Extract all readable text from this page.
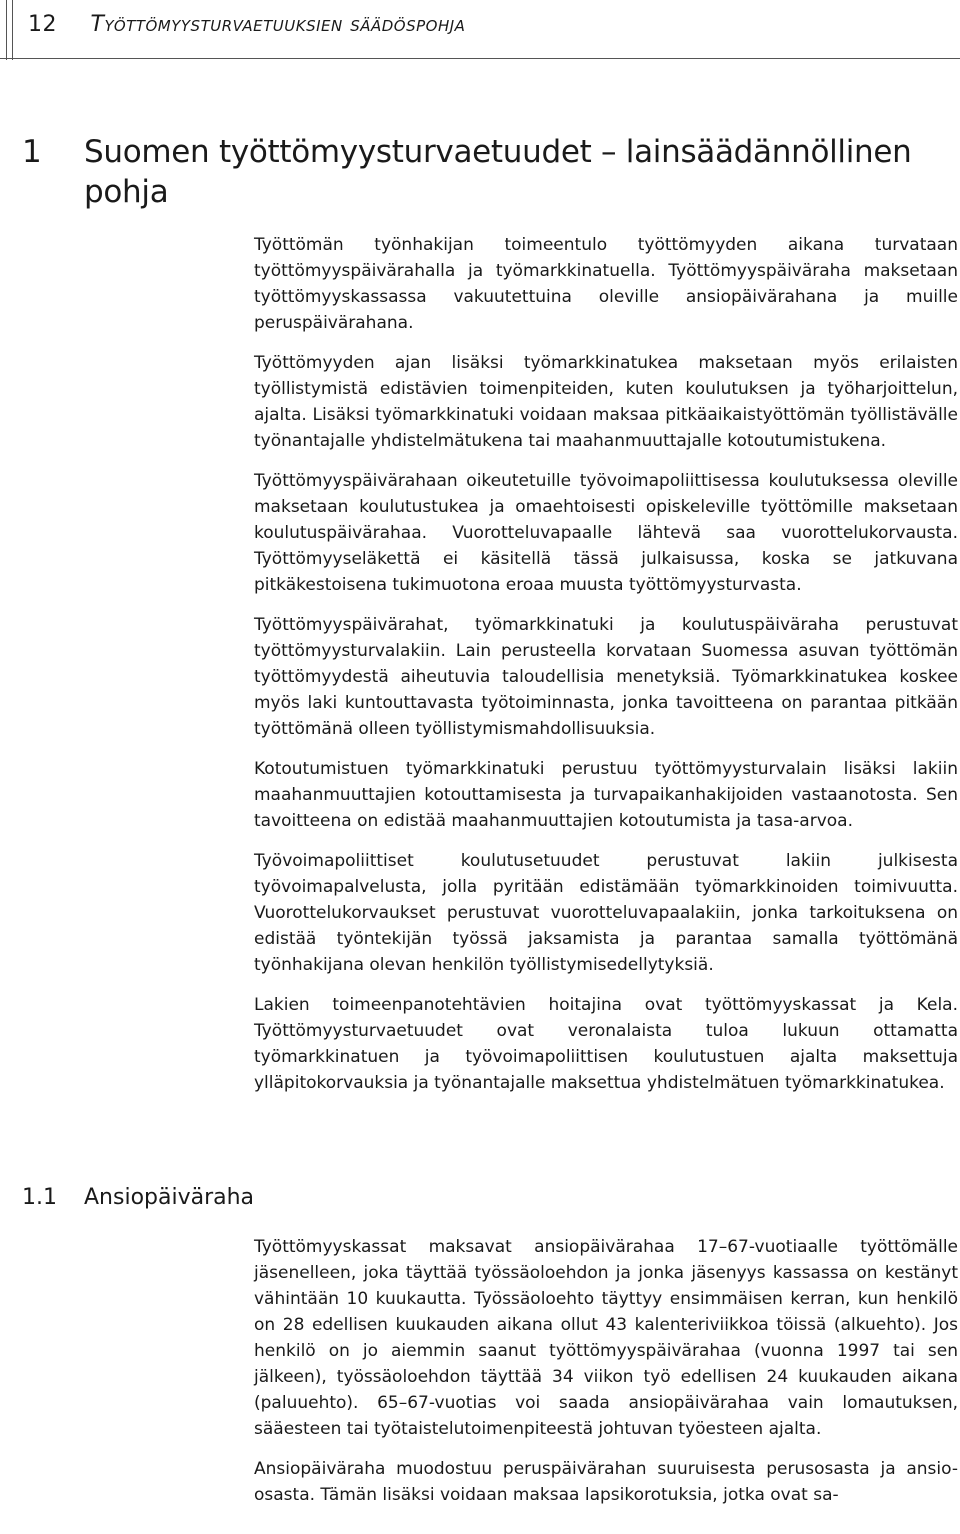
12 Työttömyysturvaetuuksien säädöspohja
1 Suomen työttömyysturvaetuudet – lainsäädännöllinen pohja

Työttömän työnhakijan toimeentulo työttömyyden aikana turvataan työttömyyspäivärahalla ja työmarkkinatuella. Työttömyyspäiväraha maksetaan työttömyyskassassa vakuutettuina oleville ansiopäivärahana ja muille peruspäivärahana.

Työttömyyden ajan lisäksi työmarkkinatukea maksetaan myös erilaisten työllistymistä edistävien toimenpiteiden, kuten koulutuksen ja työharjoittelun, ajalta. Lisäksi työmarkkinatuki voidaan maksaa pitkäaikaistyöttömän työllistävälle työnantajalle yhdistelmätukena tai maahanmuuttajalle kotoutumistukena.

Työttömyyspäivärahaan oikeutetuille työvoimapoliittisessa koulutuksessa oleville maksetaan koulutustukea ja omaehtoisesti opiskeleville työttömille maksetaan koulutuspäivärahaa. Vuorotteluvapaalle lähtevä saa vuorottelukorvausta. Työttömyyseläkettä ei käsitellä tässä julkaisussa, koska se jatkuvana pitkäkestoisena tukimuotona eroaa muusta työttömyysturvasta.

Työttömyyspäivärahat, työmarkkinatuki ja koulutuspäiväraha perustuvat työttömyysturvalakiin. Lain perusteella korvataan Suomessa asuvan työttömän työttömyydestä aiheutuvia taloudellisia menetyksiä. Työmarkkinatukea koskee myös laki kuntouttavasta työtoiminnasta, jonka tavoitteena on parantaa pitkään työttömänä olleen työllistymismahdollisuuksia.

Kotoutumistuen työmarkkinatuki perustuu työttömyysturvalain lisäksi lakiin maahanmuuttajien kotouttamisesta ja turvapaikanhakijoiden vastaanotosta. Sen tavoitteena on edistää maahanmuuttajien kotoutumista ja tasa-arvoa.

Työvoimapoliittiset koulutusetuudet perustuvat lakiin julkisesta työvoimapalvelusta, jolla pyritään edistämään työmarkkinoiden toimivuutta. Vuorottelukorvaukset perustuvat vuorotteluvapaalakiin, jonka tarkoituksena on edistää työntekijän työssä jaksamista ja parantaa samalla työttömänä työnhakijana olevan henkilön työllistymisedellytyksiä.

Lakien toimeenpanotehtävien hoitajina ovat työttömyyskassat ja Kela. Työttömyysturvaetuudet ovat veronalaista tuloa lukuun ottamatta työmarkkinatuen ja työvoimapoliittisen koulutustuen ajalta maksettuja ylläpitokorvauksia ja työnantajalle maksettua yhdistelmätuen työmarkkinatukea.

1.1 Ansiopäiväraha

Työttömyyskassat maksavat ansiopäivärahaa 17–67-vuotiaalle työttömälle jäsenelleen, joka täyttää työssäoloehdon ja jonka jäsenyys kassassa on kestänyt vähintään 10 kuukautta. Työssäoloehto täyttyy ensimmäisen kerran, kun henkilö on 28 edellisen kuukauden aikana ollut 43 kalenteriviikkoa töissä (alkuehto). Jos henkilö on jo aiemmin saanut työttömyyspäivärahaa (vuonna 1997 tai sen jälkeen), työssäoloehdon täyttää 34 viikon työ edellisen 24 kuukauden aikana (paluuehto). 65–67-vuotias voi saada ansiopäivärahaa vain lomautuksen, sääesteen tai työtaistelutoimenpiteestä johtuvan työesteen ajalta.

Ansiopäiväraha muodostuu peruspäivärahan suuruisesta perusosasta ja ansio-osasta. Tämän lisäksi voidaan maksaa lapsikorotuksia, jotka ovat sa-
